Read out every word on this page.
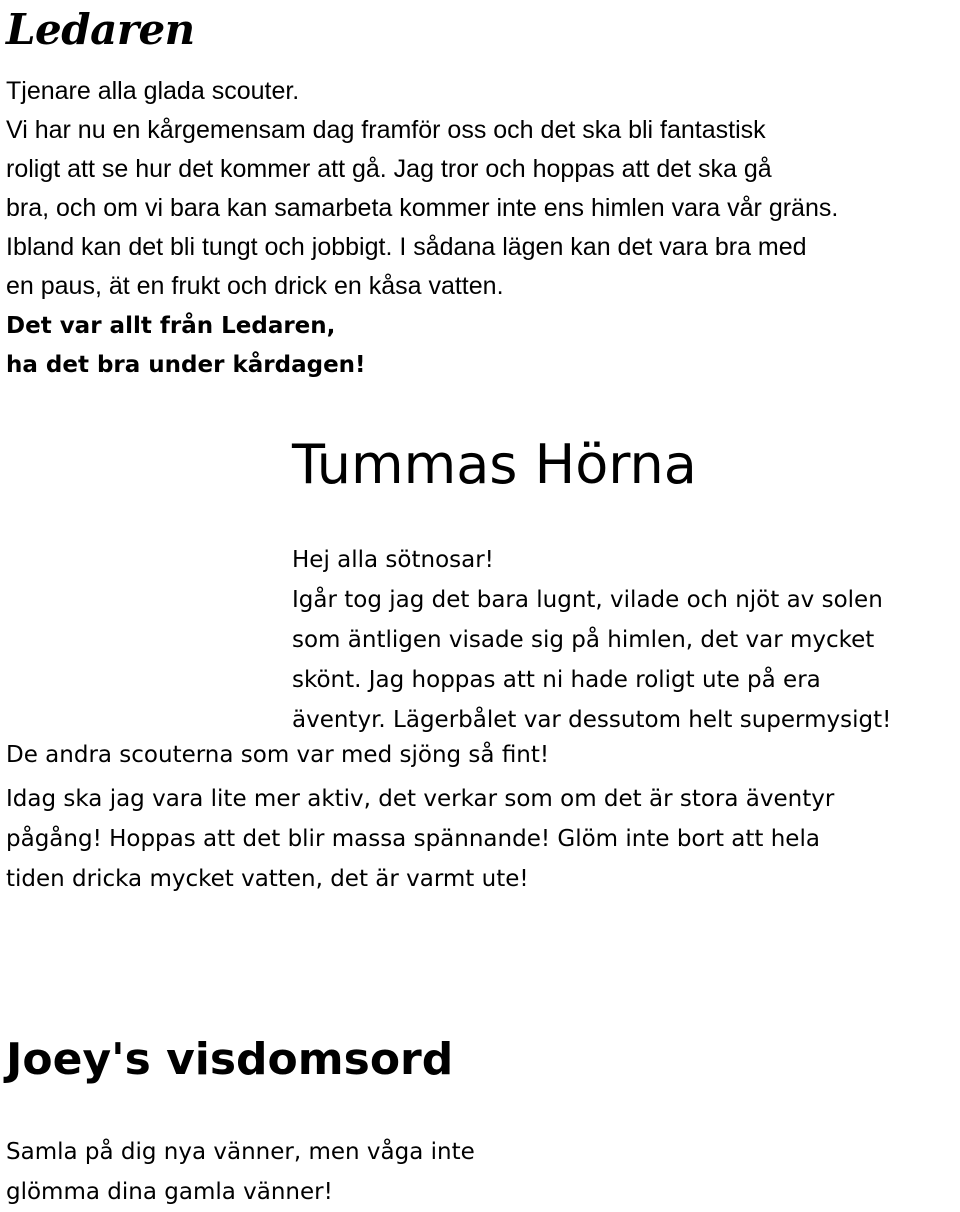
Ledaren
Tjenare alla glada scouter.
Vi har nu en kårgemensam dag framför oss och det ska bli fantastisk
roligt att se hur det kommer att gå. Jag tror och hoppas att det ska gå
bra, och om vi bara kan samarbeta kommer inte ens himlen vara vår gräns.
Ibland kan det bli tungt och jobbigt. I sådana lägen kan det vara bra med
en paus, ät en frukt och drick en kåsa vatten.
Det var allt från Ledaren,
ha det bra under kårdagen!
Tummas Hörna
Hej alla sötnosar!
Igår tog jag det bara lugnt, vilade och njöt av solen
som äntligen visade sig på himlen, det var mycket
skönt. Jag hoppas att ni hade roligt ute på era
äventyr. Lägerbålet var dessutom helt supermysigt!
De andra scouterna som var med sjöng så fint!
Idag ska jag vara lite mer aktiv, det verkar som om det är stora äventyr
pågång! Hoppas att det blir massa spännande! Glöm inte bort att hela
tiden dricka mycket vatten, det är varmt ute!
Joey's visdomsord
Samla på dig nya vänner, men våga inte
glömma dina gamla vänner!
